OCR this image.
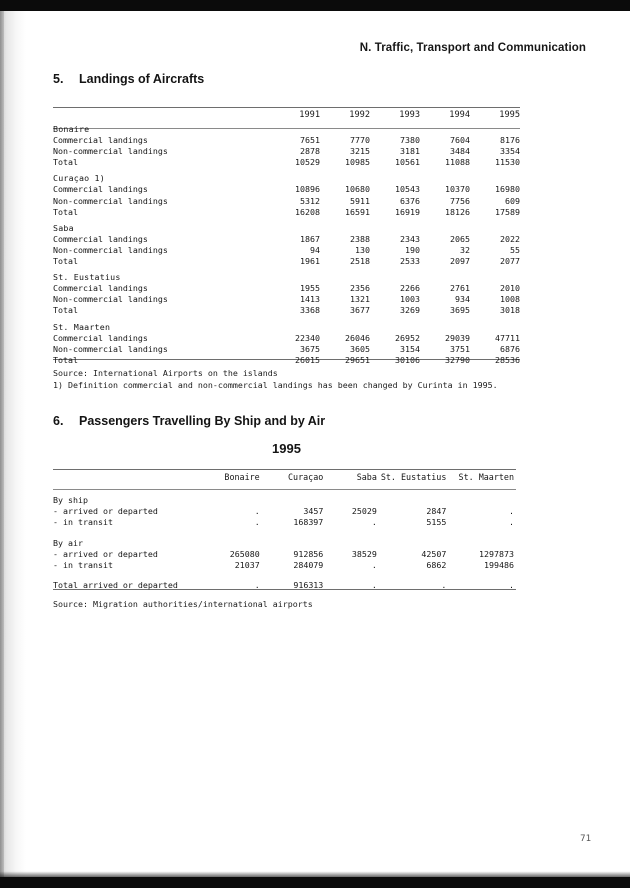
N. Traffic, Transport and Communication
5. Landings of Aircrafts
	1991	1992	1993	1994	1995
Bonaire					
Commercial landings	7651	7770	7380	7604	8176
Non-commercial landings	2878	3215	3181	3484	3354
Total	10529	10985	10561	11088	11530
Curaçao 1)					
Commercial landings	10896	10680	10543	10370	16980
Non-commercial landings	5312	5911	6376	7756	609
Total	16208	16591	16919	18126	17589
Saba					
Commercial landings	1867	2388	2343	2065	2022
Non-commercial landings	94	130	190	32	55
Total	1961	2518	2533	2097	2077
St. Eustatius					
Commercial landings	1955	2356	2266	2761	2010
Non-commercial landings	1413	1321	1003	934	1008
Total	3368	3677	3269	3695	3018
St. Maarten					
Commercial landings	22340	26046	26952	29039	47711
Non-commercial landings	3675	3605	3154	3751	6876
Total	26015	29651	30106	32790	28536
Source: International Airports on the islands
1) Definition commercial and non-commercial landings has been changed by Curinta in 1995.
6. Passengers Travelling By Ship and by Air
1995
	Bonaire	Curaçao	Saba	St. Eustatius	St. Maarten

By ship					
- arrived or departed	.	3457	25029	2847	.
- in transit	.	168397	.	5155	.

By air					
- arrived or departed	265080	912856	38529	42507	1297873
- in transit	21037	284079	.	6862	199486

Total arrived or departed	.	916313	.	.	.
Source: Migration authorities/international airports
71
